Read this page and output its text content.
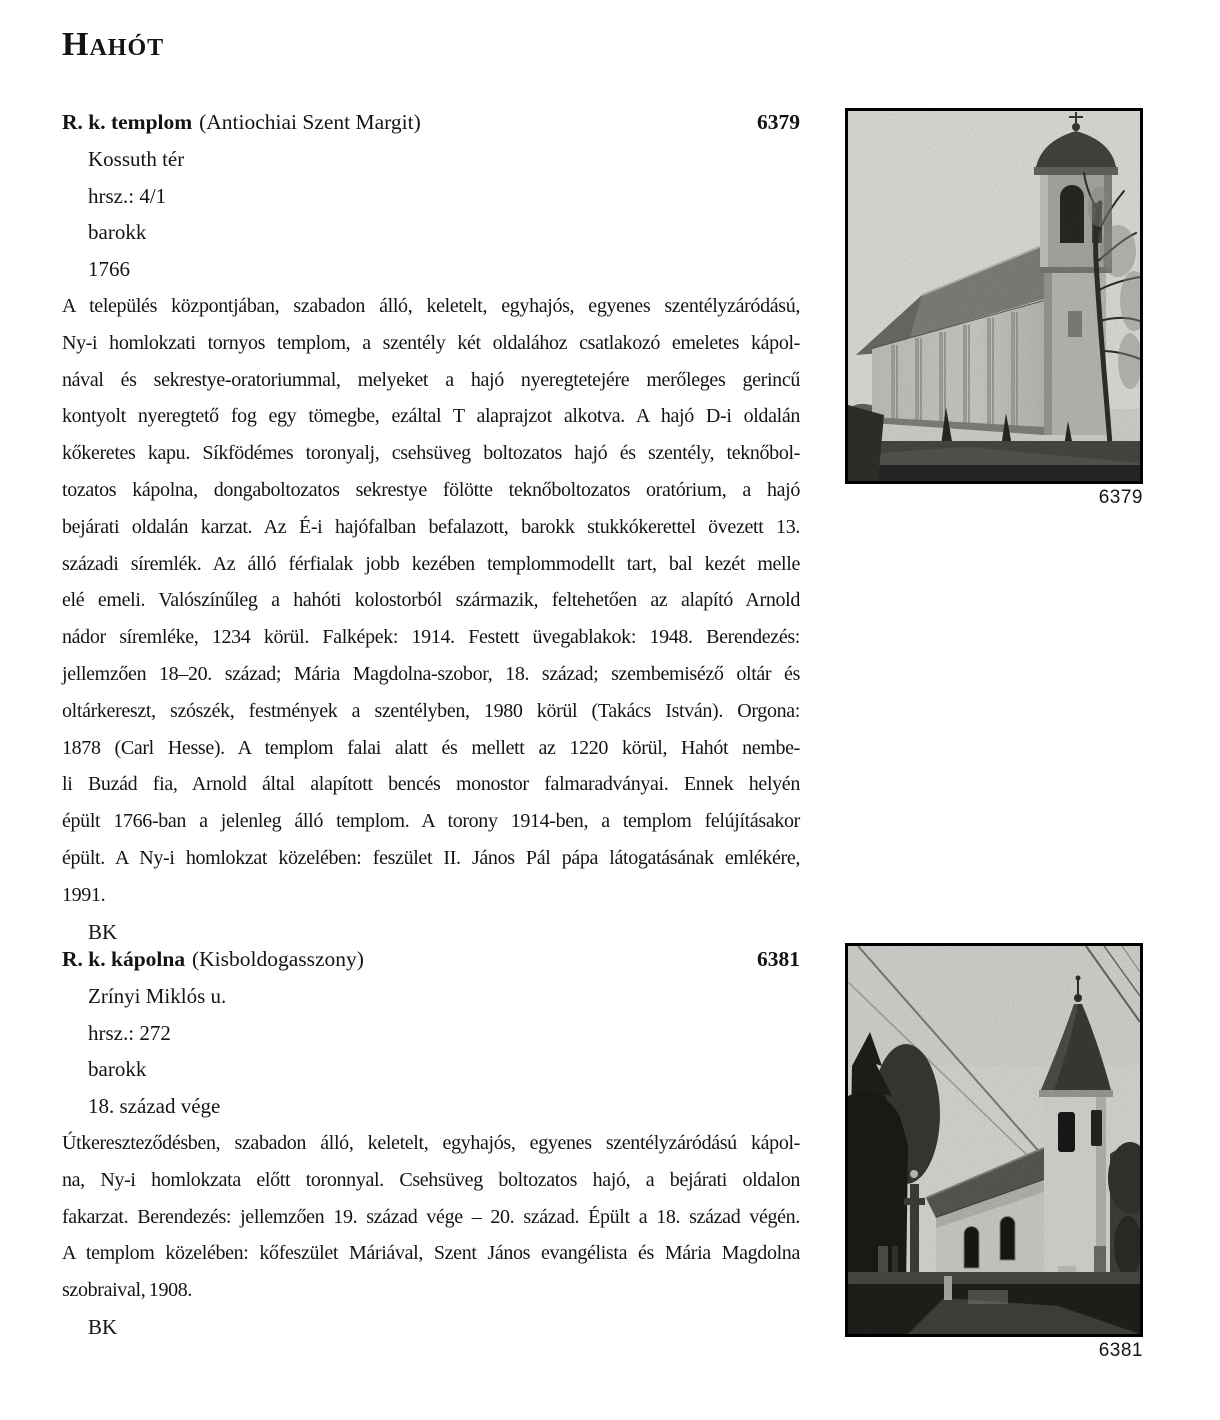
Hahót
R. k. templom (Antiochiai Szent Margit)	6379
Kossuth tér
hrsz.: 4/1
barokk
1766
A település központjában, szabadon álló, keletelt, egyhajós, egyenes szentélyzáródású,
Ny-i homlokzati tornyos templom, a szentély két oldalához csatlakozó emeletes kápol-
nával és sekrestye-oratoriummal, melyeket a hajó nyeregtetejére merőleges gerincű
kontyolt nyeregtető fog egy tömegbe, ezáltal T alaprajzot alkotva. A hajó D-i oldalán
kőkeretes kapu. Síkfödémes toronyalj, csehsüveg boltozatos hajó és szentély, teknőbol-
tozatos kápolna, dongaboltozatos sekrestye fölötte teknőboltozatos oratórium, a hajó
bejárati oldalán karzat. Az É-i hajófalban befalazott, barokk stukkókerettel övezett 13.
századi síremlék. Az álló férfialak jobb kezében templommodellt tart, bal kezét melle
elé emeli. Valószínűleg a hahóti kolostorból származik, feltehetően az alapító Arnold
nádor síremléke, 1234 körül. Falképek: 1914. Festett üvegablakok: 1948. Berendezés:
jellemzően 18–20. század; Mária Magdolna-szobor, 18. század; szembemiséző oltár és
oltárkereszt, szószék, festmények a szentélyben, 1980 körül (Takács István). Orgona:
1878 (Carl Hesse). A templom falai alatt és mellett az 1220 körül, Hahót nembe-
li Buzád fia, Arnold által alapított bencés monostor falmaradványai. Ennek helyén
épült 1766-ban a jelenleg álló templom. A torony 1914-ben, a templom felújításakor
épült. A Ny-i homlokzat közelében: feszület II. János Pál pápa látogatásának emlékére,
1991.
BK
R. k. kápolna (Kisboldogasszony)	6381
Zrínyi Miklós u.
hrsz.: 272
barokk
18. század vége
Útkereszteződésben, szabadon álló, keletelt, egyhajós, egyenes szentélyzáródású kápol-
na, Ny-i homlokzata előtt toronnyal. Csehsüveg boltozatos hajó, a bejárati oldalon
fakarzat. Berendezés: jellemzően 19. század vége – 20. század. Épült a 18. század végén.
A templom közelében: kőfeszület Máriával, Szent János evangélista és Mária Magdolna
szobraival, 1908.
BK
6379
6381
